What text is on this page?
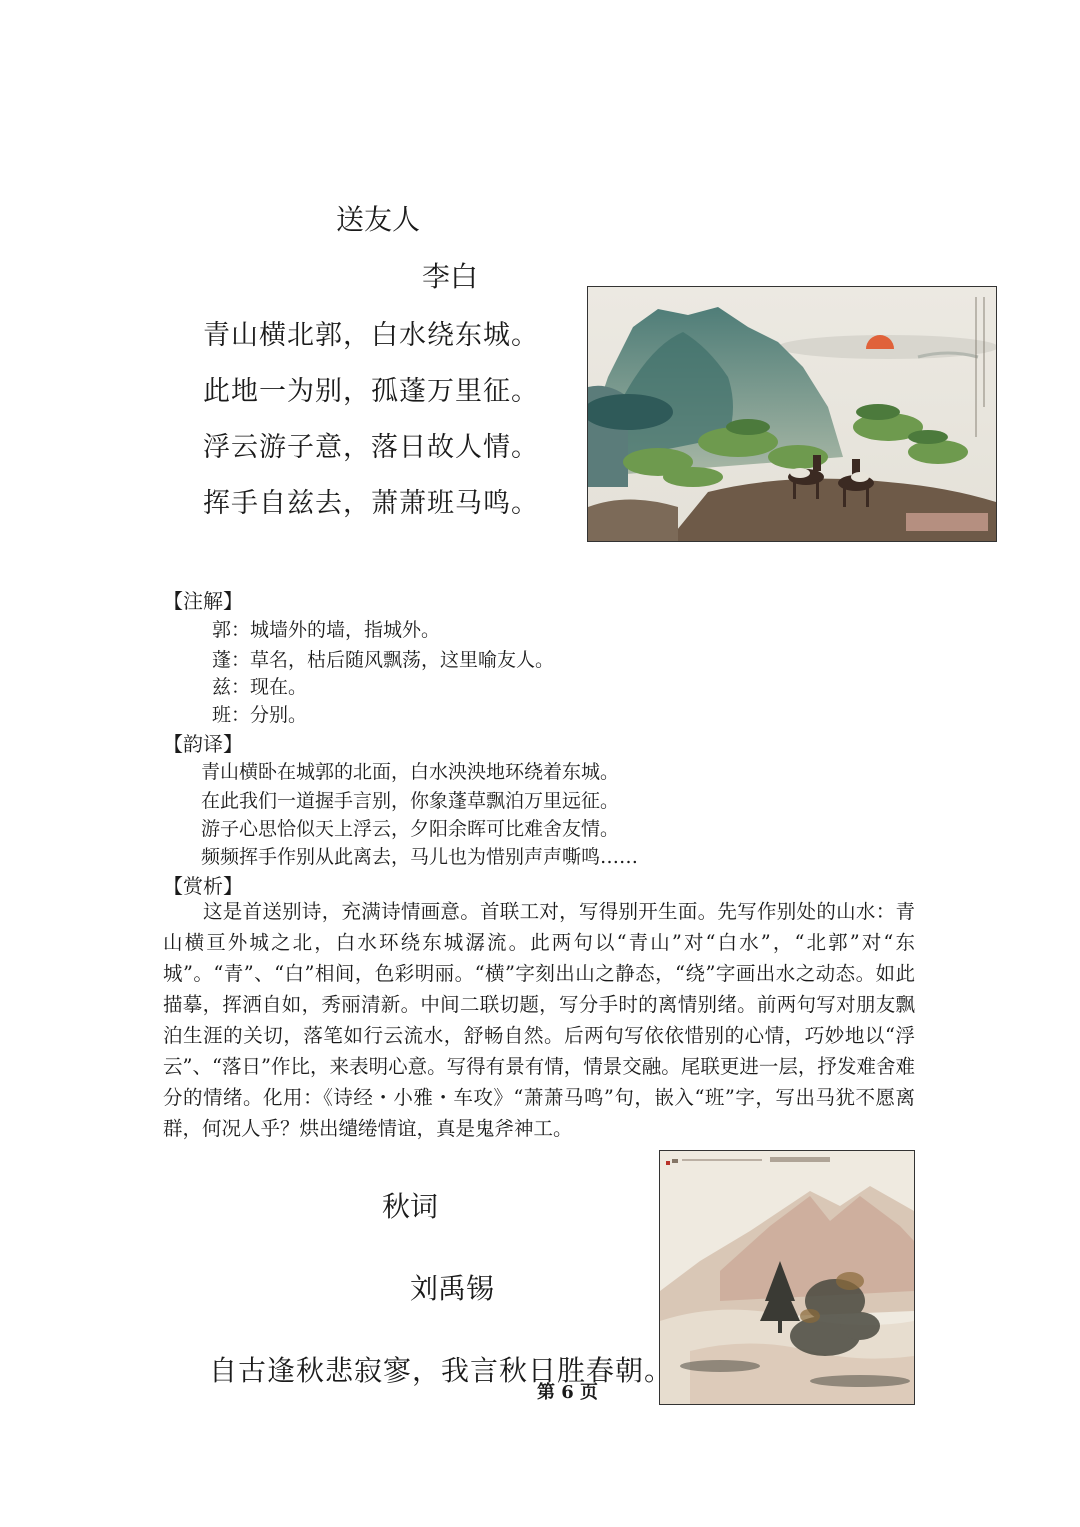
送友人
李白
青山横北郭，白水绕东城。
此地一为别，孤蓬万里征。
浮云游子意，落日故人情。
挥手自兹去，萧萧班马鸣。
【注解】
郭：城墙外的墙，指城外。
蓬：草名，枯后随风飘荡，这里喻友人。
兹：现在。
班：分别。
【韵译】
青山横卧在城郭的北面，白水泱泱地环绕着东城。
在此我们一道握手言别，你象蓬草飘泊万里远征。
游子心思恰似天上浮云，夕阳余晖可比难舍友情。
频频挥手作别从此离去，马儿也为惜别声声嘶鸣……
【赏析】
这是首送别诗，充满诗情画意。首联工对，写得别开生面。先写作别处的山水：青山横亘外城之北，白水环绕东城潺流。此两句以“青山”对“白水”，“北郭”对“东城”。“青”、“白”相间，色彩明丽。“横”字刻出山之静态，“绕”字画出水之动态。如此描摹，挥洒自如，秀丽清新。中间二联切题，写分手时的离情别绪。前两句写对朋友飘泊生涯的关切，落笔如行云流水，舒畅自然。后两句写依依惜别的心情，巧妙地以“浮云”、“落日”作比，来表明心意。写得有景有情，情景交融。尾联更进一层，抒发难舍难分的情绪。化用：《诗经・小雅・车攻》“萧萧马鸣”句，嵌入“班”字，写出马犹不愿离群，何况人乎？烘出缱绻情谊，真是鬼斧神工。
秋词
刘禹锡
自古逢秋悲寂寥，我言秋日胜春朝。
第 6 页
